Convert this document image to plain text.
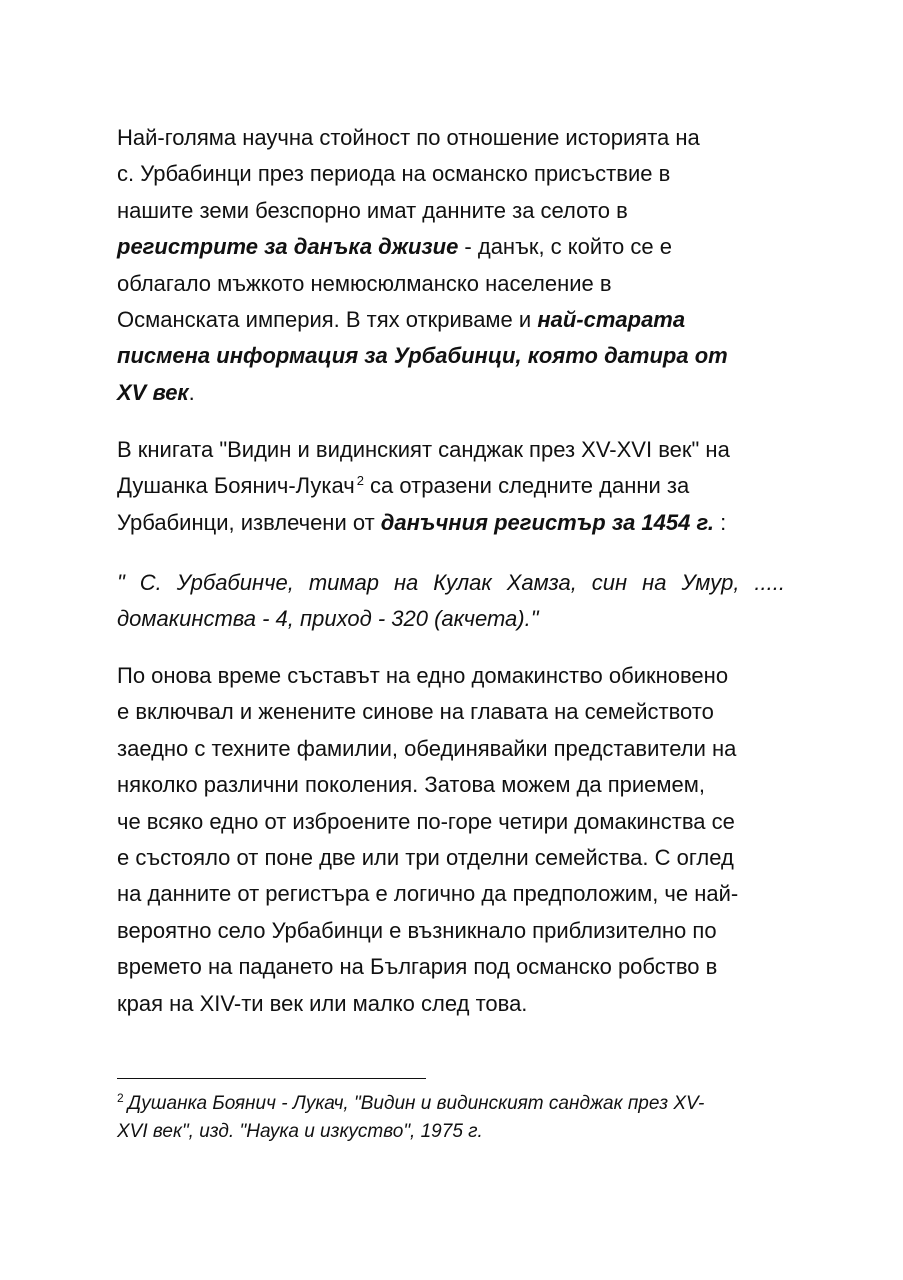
Най-голяма научна стойност по отношение историята на
с. Урбабинци през периода на османско присъствие в
нашите земи безспорно имат данните за селото в
регистрите за данъка джизие - данък, с който се е
облагало мъжкото немюсюлманско население в
Османската империя. В тях откриваме и най-старата
писмена информация за Урбабинци, която датира от
XV век.

В книгата "Видин и видинският санджак през XV-XVI век" на
Душанка Боянич-Лукач $^2$ са отразени следните данни за
Урбабинци, извлечени от данъчния регистър за 1454 г. :

" С. Урбабинче, тимар на Кулак Хамза, син на Умур, .....
домакинства - 4, приход - 320 (акчета)."

По онова време съставът на едно домакинство обикновено
е включвал и женените синове на главата на семейството
заедно с техните фамилии, обединявайки представители на
няколко различни поколения. Затова можем да приемем,
че всяко едно от изброените по-горе четири домакинства се
е състояло от поне две или три отделни семейства. С оглед
на данните от регистъра е логично да предположим, че най-
вероятно село Урбабинци е възникнало приблизително по
времето на падането на България под османско робство в
края на XIV-ти век или малко след това.

$^2$ Душанка Боянич - Лукач, "Видин и видинският санджак през XV-
XVI век", изд. "Наука и изкуство", 1975 г.
